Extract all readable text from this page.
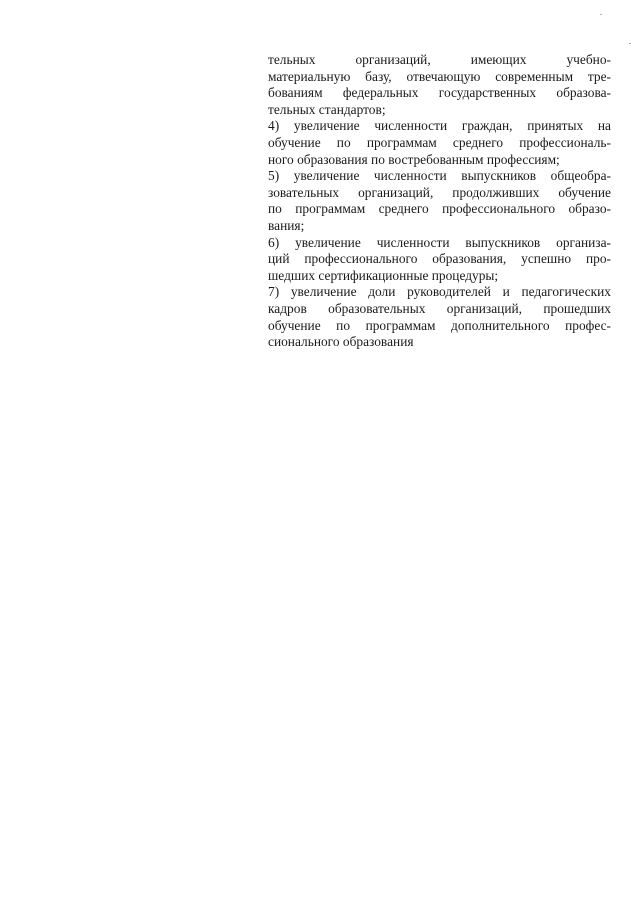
тельных организаций, имеющих учебно-
материальную базу, отвечающую современным тре-
бованиям федеральных государственных образова-
тельных стандартов;
4) увеличение численности граждан, принятых на
обучение по программам среднего профессиональ-
ного образования по востребованным профессиям;
5) увеличение численности выпускников общеобра-
зовательных организаций, продолживших обучение
по программам среднего профессионального образо-
вания;
6) увеличение численности выпускников организа-
ций профессионального образования, успешно про-
шедших сертификационные процедуры;
7) увеличение доли руководителей и педагогических
кадров образовательных организаций, прошедших
обучение по программам дополнительного профес-
сионального образования
